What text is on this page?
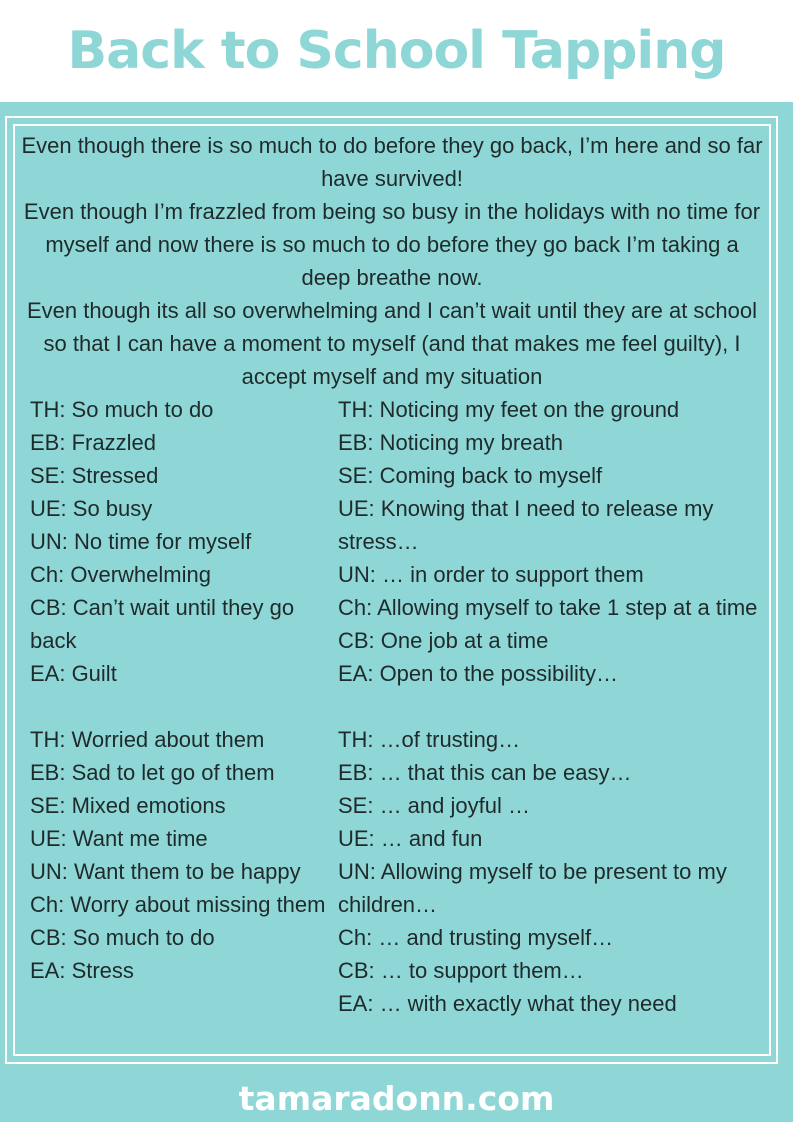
Back to School Tapping

Even though there is so much to do before they go back, I’m here and so far have survived!

Even though I’m frazzled from being so busy in the holidays with no time for myself and now there is so much to do before they go back I’m taking a deep breathe now.

Even though its all so overwhelming and I can’t wait until they are at school so that I can have a moment to myself (and that makes me feel guilty), I accept myself and my situation

TH: So much to do
EB: Frazzled
SE: Stressed
UE: So busy
UN: No time for myself
Ch: Overwhelming
CB: Can’t wait until they go back
EA: Guilt
TH: Worried about them
EB: Sad to let go of them
SE: Mixed emotions
UE: Want me time
UN: Want them to be happy
Ch: Worry about missing them
CB: So much to do
EA: Stress
TH: Noticing my feet on the ground
EB: Noticing my breath
SE: Coming back to myself
UE: Knowing that I need to release my stress…
UN: … in order to support them
Ch: Allowing myself to take 1 step at a time
CB: One job at a time
EA: Open to the possibility…
TH: …of trusting…
EB: … that this can be easy…
SE: … and joyful …
UE: … and fun
UN: Allowing myself to be present to my children…
Ch: … and trusting myself…
CB: … to support them…
EA: … with exactly what they need
tamaradonn.com
